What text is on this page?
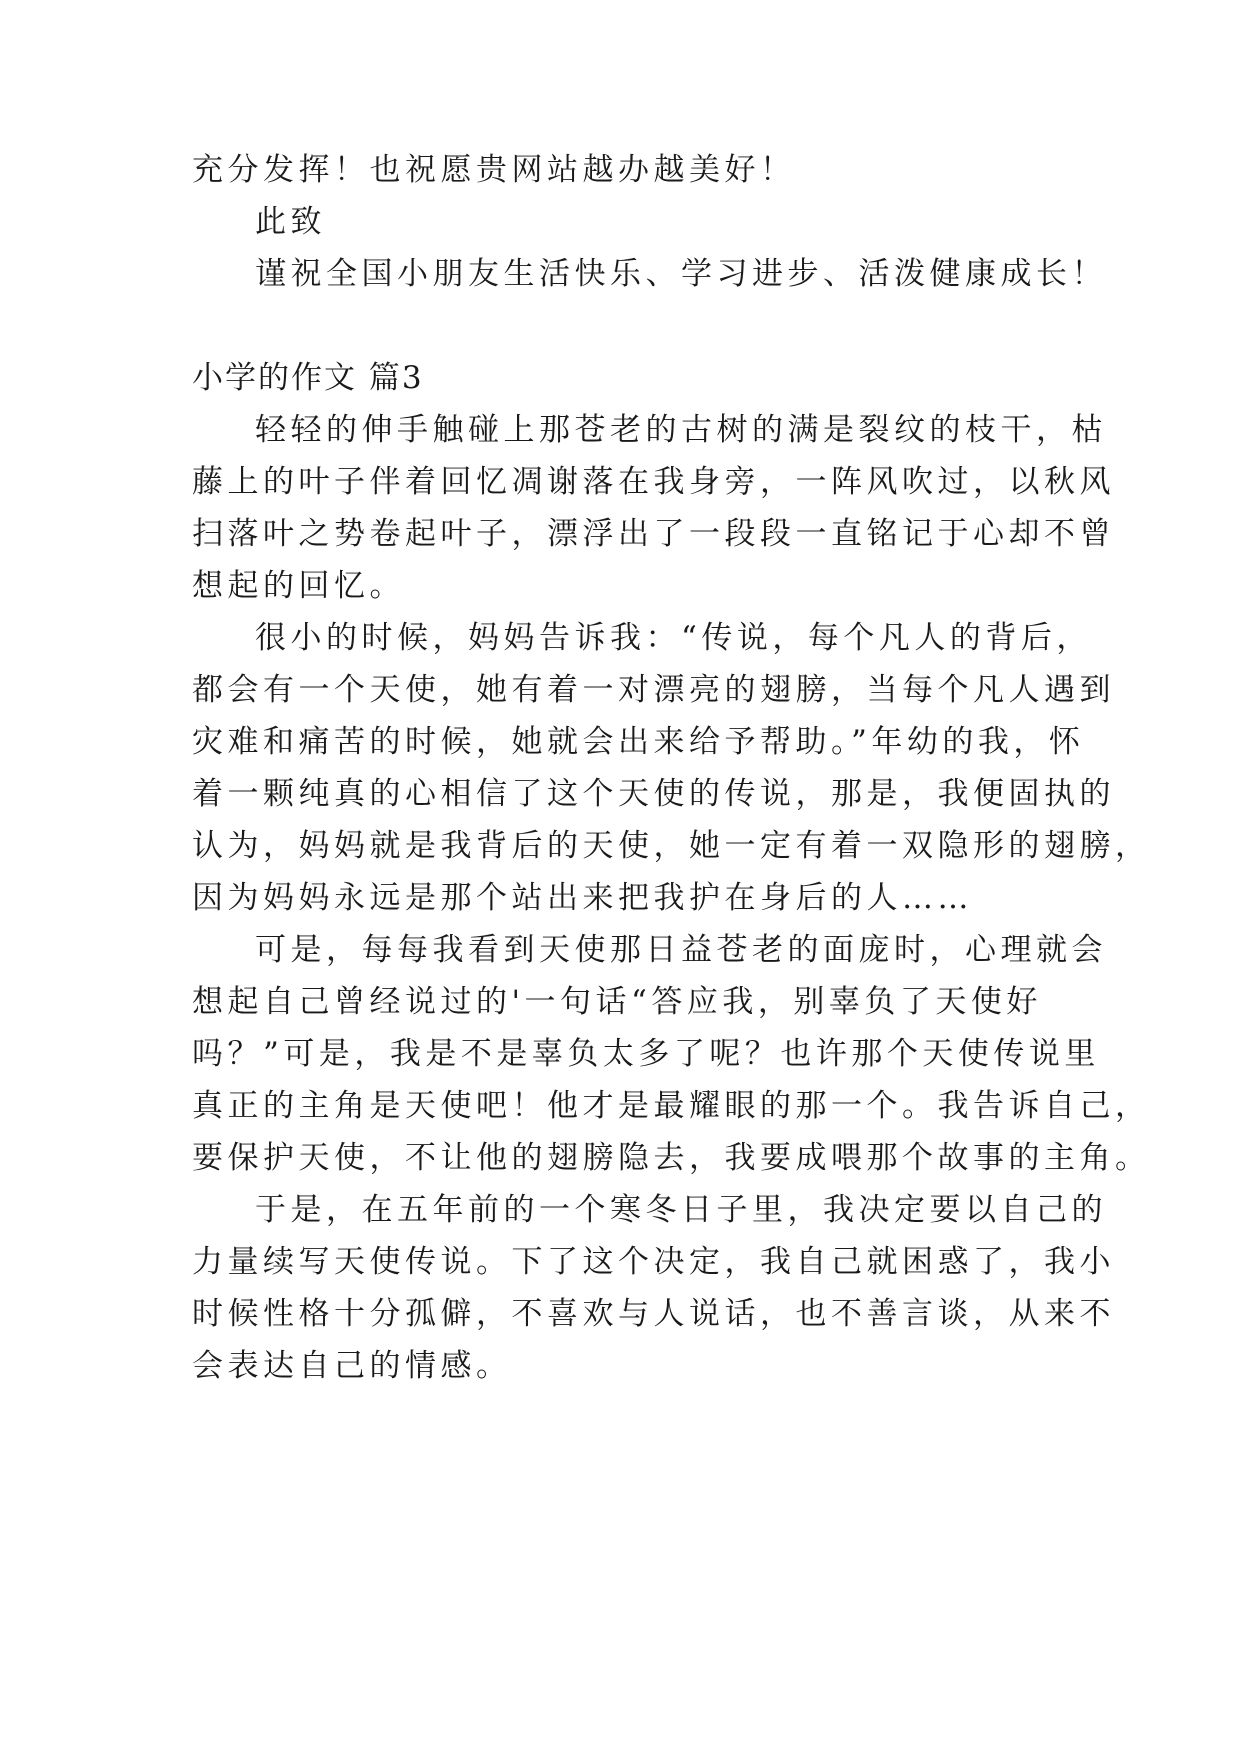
充分发挥！也祝愿贵网站越办越美好！
此致
谨祝全国小朋友生活快乐、学习进步、活泼健康成长！
小学的作文 篇3
轻轻的伸手触碰上那苍老的古树的满是裂纹的枝干，枯
藤上的叶子伴着回忆凋谢落在我身旁，一阵风吹过，以秋风
扫落叶之势卷起叶子，漂浮出了一段段一直铭记于心却不曾
想起的回忆。
很小的时候，妈妈告诉我：“传说，每个凡人的背后，
都会有一个天使，她有着一对漂亮的翅膀，当每个凡人遇到
灾难和痛苦的时候，她就会出来给予帮助。”年幼的我，怀
着一颗纯真的心相信了这个天使的传说，那是，我便固执的
认为，妈妈就是我背后的天使，她一定有着一双隐形的翅膀，
因为妈妈永远是那个站出来把我护在身后的人……
可是，每每我看到天使那日益苍老的面庞时，心理就会
想起自己曾经说过的'一句话“答应我，别辜负了天使好
吗？”可是，我是不是辜负太多了呢？也许那个天使传说里
真正的主角是天使吧！他才是最耀眼的那一个。我告诉自己，
要保护天使，不让他的翅膀隐去，我要成喂那个故事的主角。
于是，在五年前的一个寒冬日子里，我决定要以自己的
力量续写天使传说。下了这个决定，我自己就困惑了，我小
时候性格十分孤僻，不喜欢与人说话，也不善言谈，从来不
会表达自己的情感。
